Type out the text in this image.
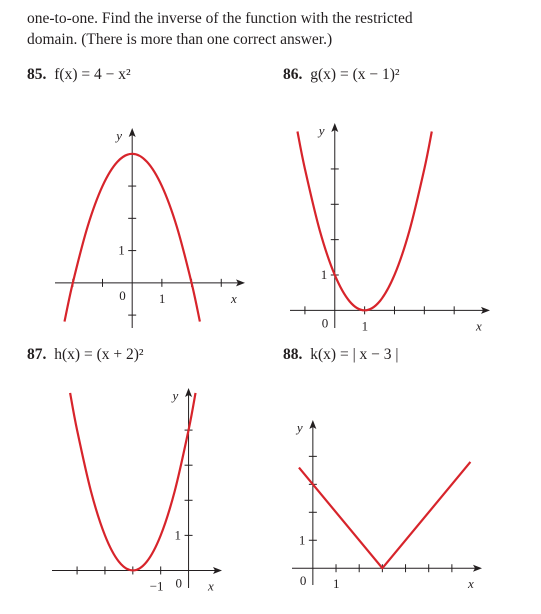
one-to-one. Find the inverse of the function with the restricted

domain. (There is more than one correct answer.)

85. f(x) = 4 − x²	86. g(x) = (x − 1)²
87. h(x) = (x + 2)²	88. k(x) = | x − 3 |
x
y
0	1
1
x
y
0	1
1
x
y
0
−1
1
x
y
0 1
1
